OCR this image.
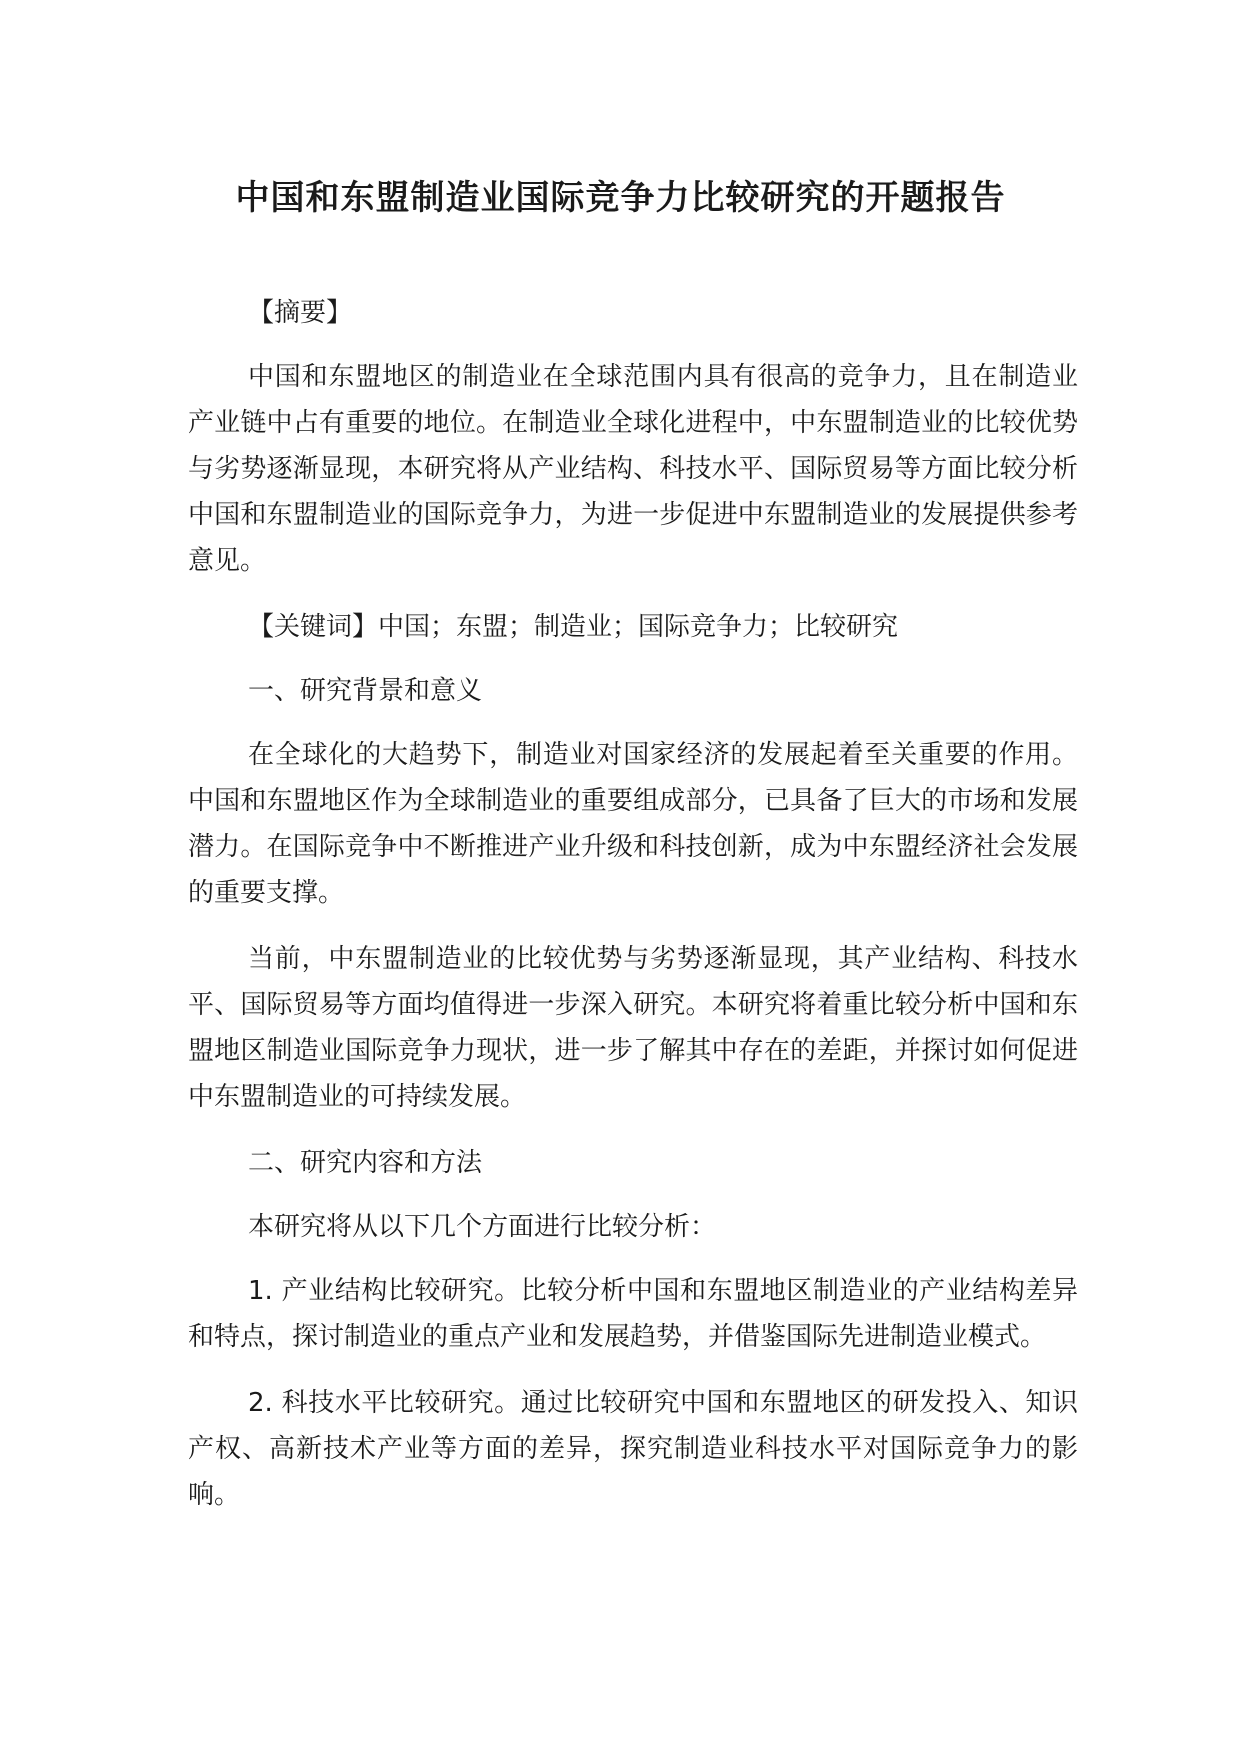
中国和东盟制造业国际竞争力比较研究的开题报告

【摘要】

中国和东盟地区的制造业在全球范围内具有很高的竞争力，且在制造业产业链中占有重要的地位。在制造业全球化进程中，中东盟制造业的比较优势与劣势逐渐显现，本研究将从产业结构、科技水平、国际贸易等方面比较分析中国和东盟制造业的国际竞争力，为进一步促进中东盟制造业的发展提供参考意见。

【关键词】中国；东盟；制造业；国际竞争力；比较研究

一、研究背景和意义

在全球化的大趋势下，制造业对国家经济的发展起着至关重要的作用。中国和东盟地区作为全球制造业的重要组成部分，已具备了巨大的市场和发展潜力。在国际竞争中不断推进产业升级和科技创新，成为中东盟经济社会发展的重要支撑。

当前，中东盟制造业的比较优势与劣势逐渐显现，其产业结构、科技水平、国际贸易等方面均值得进一步深入研究。本研究将着重比较分析中国和东盟地区制造业国际竞争力现状，进一步了解其中存在的差距，并探讨如何促进中东盟制造业的可持续发展。

二、研究内容和方法

本研究将从以下几个方面进行比较分析：

1. 产业结构比较研究。比较分析中国和东盟地区制造业的产业结构差异和特点，探讨制造业的重点产业和发展趋势，并借鉴国际先进制造业模式。

2. 科技水平比较研究。通过比较研究中国和东盟地区的研发投入、知识产权、高新技术产业等方面的差异，探究制造业科技水平对国际竞争力的影响。
